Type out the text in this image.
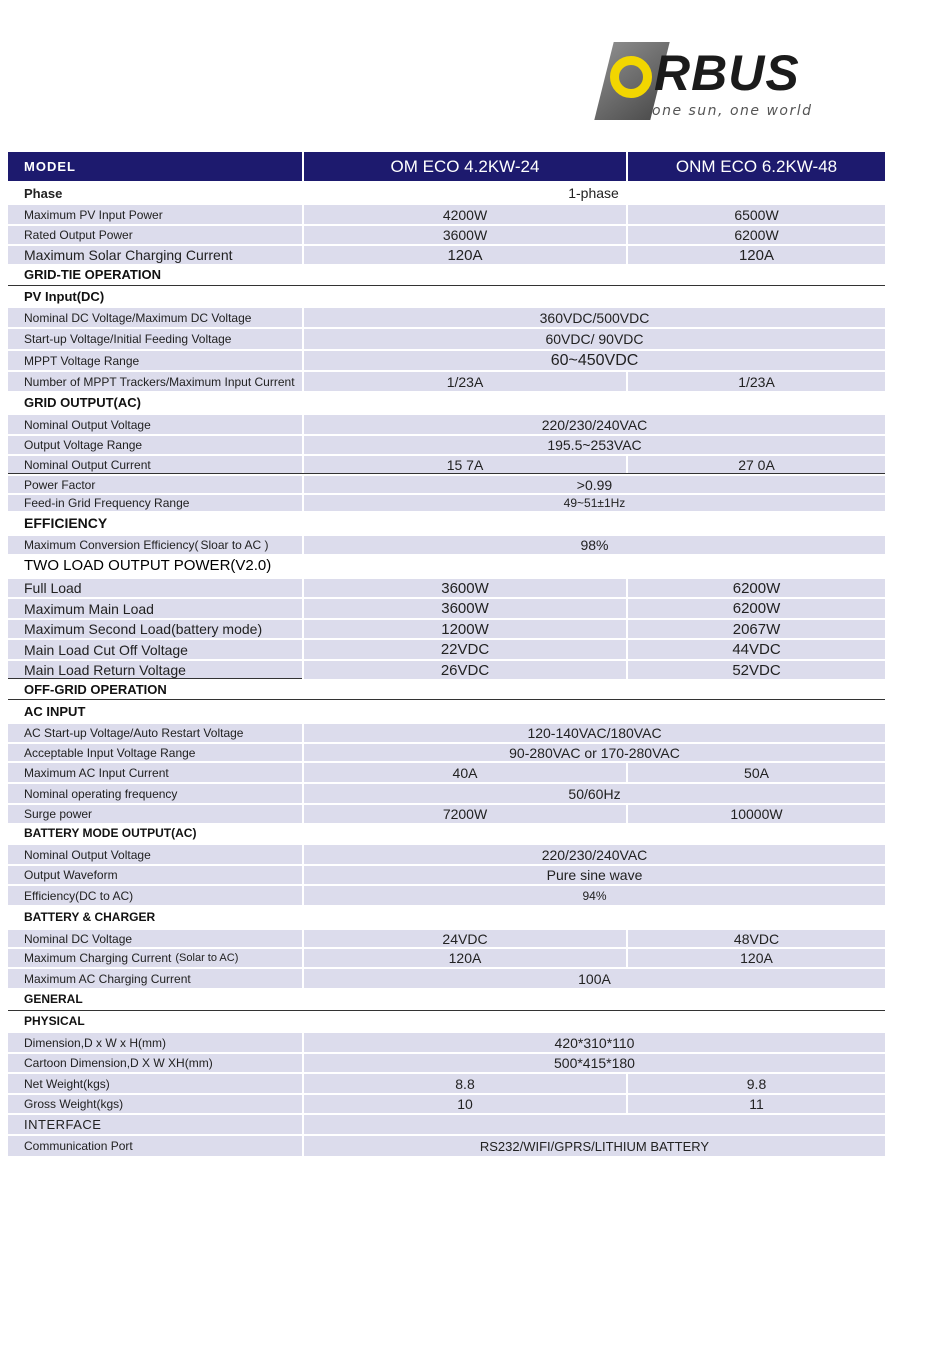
RBUS
one sun, one world
MODEL	OM ECO 4.2KW-24	ONM ECO 6.2KW-48
Phase	1-phase
Maximum PV Input Power	4200W	6500W
Rated Output Power	3600W	6200W
Maximum Solar Charging Current	120A	120A
GRID-TIE OPERATION
PV Input(DC)
Nominal DC Voltage/Maximum DC Voltage	360VDC/500VDC
Start-up Voltage/Initial Feeding Voltage	60VDC/ 90VDC
MPPT Voltage Range	60~450VDC
Number of MPPT Trackers/Maximum Input Current	1/23A	1/23A
GRID OUTPUT(AC)
Nominal Output Voltage	220/230/240VAC
Output Voltage Range	195.5~253VAC
Nominal Output Current	15 7A	27 0A
Power Factor	>0.99
Feed-in Grid Frequency Range	49~51±1Hz
EFFICIENCY
Maximum Conversion Efficiency( Sloar to AC )	98%
TWO LOAD OUTPUT POWER(V2.0)
Full Load	3600W	6200W
Maximum Main Load	3600W	6200W
Maximum Second Load(battery mode)	1200W	2067W
Main Load Cut Off Voltage	22VDC	44VDC
Main Load Return Voltage	26VDC	52VDC
OFF-GRID OPERATION
AC INPUT
AC Start-up Voltage/Auto Restart Voltage	120-140VAC/180VAC
Acceptable Input Voltage Range	90-280VAC or 170-280VAC
Maximum AC Input Current	40A	50A
Nominal operating frequency	50/60Hz
Surge power	7200W	10000W
BATTERY MODE OUTPUT(AC)
Nominal Output Voltage	220/230/240VAC
Output Waveform	Pure sine wave
Efficiency(DC to AC)	94%
BATTERY & CHARGER
Nominal DC Voltage	24VDC	48VDC
Maximum Charging Current (Solar to AC)	120A	120A
Maximum AC Charging Current	100A
GENERAL
PHYSICAL
Dimension,D x W x H(mm)	420*310*110
Cartoon Dimension,D X W XH(mm)	500*415*180
Net Weight(kgs)	8.8	9.8
Gross Weight(kgs)	10	11
INTERFACE
Communication Port	RS232/WIFI/GPRS/LITHIUM BATTERY
